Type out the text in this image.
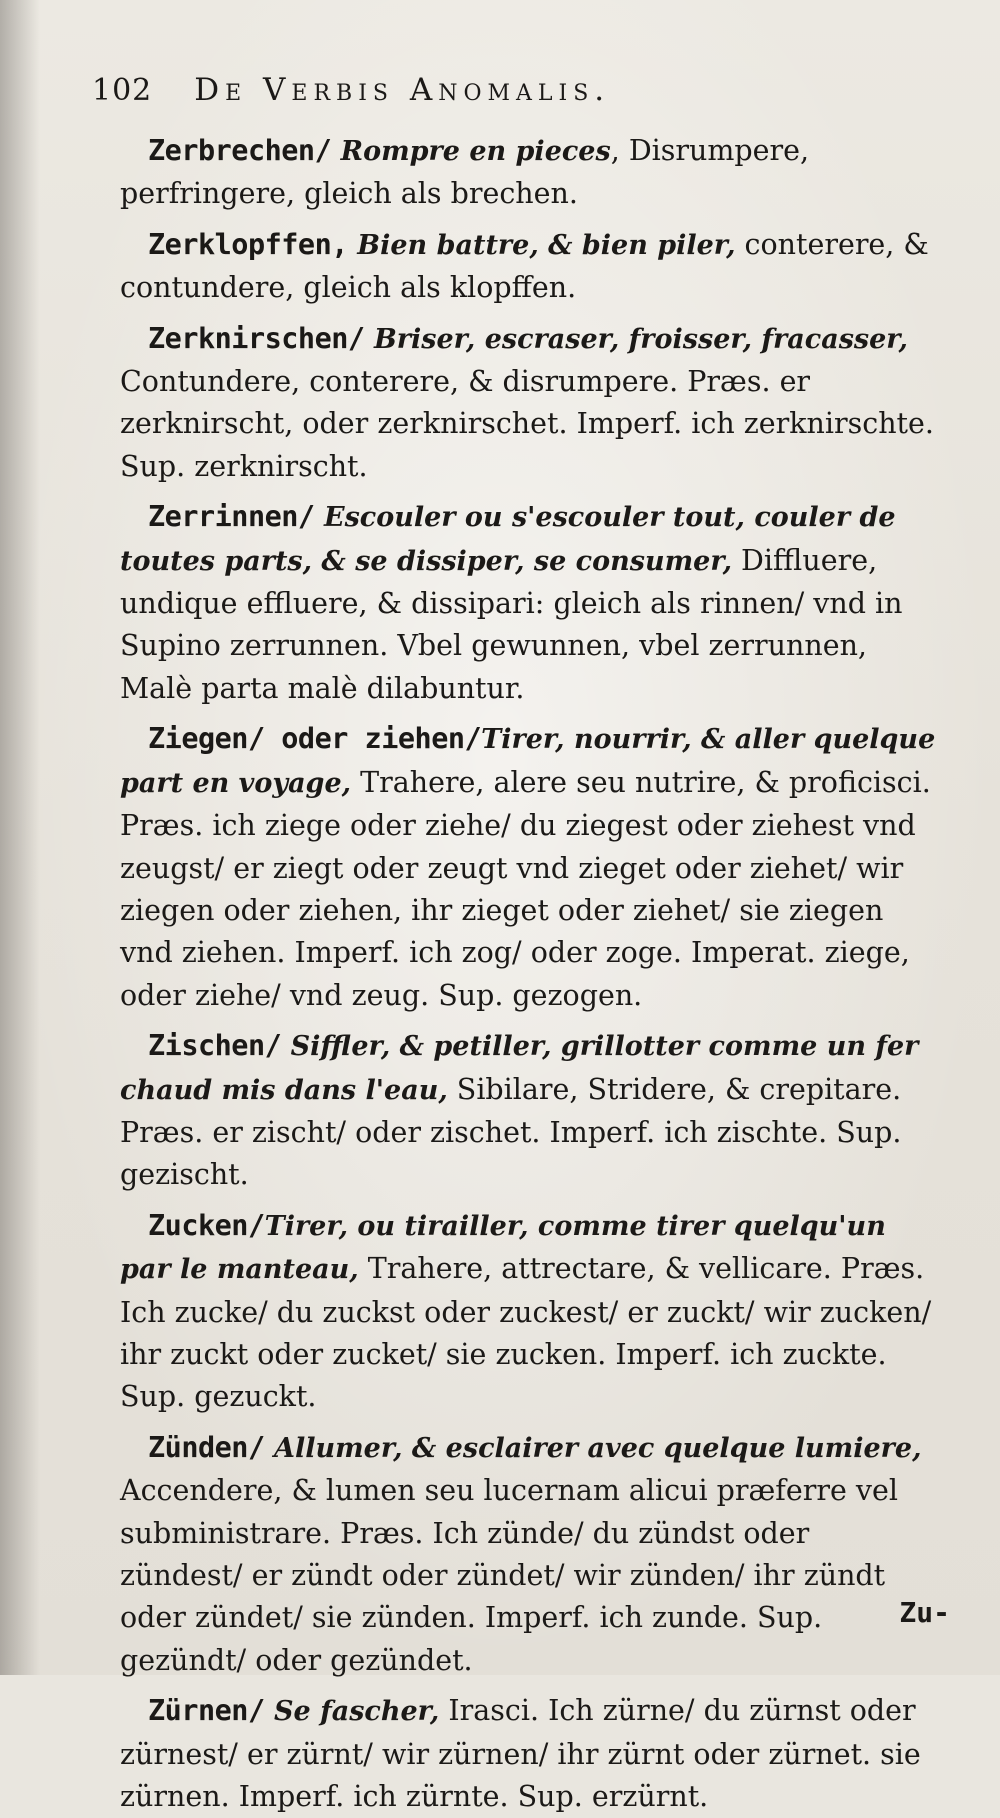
102 De Verbis Anomalis.

Zerbrechen/ Rompre en pieces, Disrumpere, perfringere, gleich als brechen.

Zerklopffen, Bien battre, & bien piler, conterere, & contundere, gleich als klopffen.

Zerknirschen/ Briser, escraser, froisser, fracasser, Contundere, conterere, & disrumpere. Præs. er zerknirscht, oder zerknirschet. Imperf. ich zerknirschte. Sup. zerknirscht.

Zerrinnen/ Escouler ou s'escouler tout, couler de toutes parts, & se dissiper, se consumer, Diffluere, undique effluere, & dissipari: gleich als rinnen/ vnd in Supino zerrunnen. Vbel gewunnen, vbel zerrunnen, Malè parta malè dilabuntur.

Ziegen/ oder ziehen/Tirer, nourrir, & aller quelque part en voyage, Trahere, alere seu nutrire, & proficisci. Præs. ich ziege oder ziehe/ du ziegest oder ziehest vnd zeugst/ er ziegt oder zeugt vnd zieget oder ziehet/ wir ziegen oder ziehen, ihr zieget oder ziehet/ sie ziegen vnd ziehen. Imperf. ich zog/ oder zoge. Imperat. ziege, oder ziehe/ vnd zeug. Sup. gezogen.

Zischen/ Siffler, & petiller, grillotter comme un fer chaud mis dans l'eau, Sibilare, Stridere, & crepitare. Præs. er zischt/ oder zischet. Imperf. ich zischte. Sup. gezischt.

Zucken/Tirer, ou tirailler, comme tirer quelqu'un par le manteau, Trahere, attrectare, & vellicare. Præs. Ich zucke/ du zuckst oder zuckest/ er zuckt/ wir zucken/ ihr zuckt oder zucket/ sie zucken. Imperf. ich zuckte. Sup. gezuckt.

Zünden/ Allumer, & esclairer avec quelque lumiere, Accendere, & lumen seu lucernam alicui præferre vel subministrare. Præs. Ich zünde/ du zündst oder zündest/ er zündt oder zündet/ wir zünden/ ihr zündt oder zündet/ sie zünden. Imperf. ich zunde. Sup. gezündt/ oder gezündet.

Zürnen/ Se fascher, Irasci. Ich zürne/ du zürnst oder zürnest/ er zürnt/ wir zürnen/ ihr zürnt oder zürnet. sie zürnen. Imperf. ich zürnte. Sup. erzürnt.

Zu-
